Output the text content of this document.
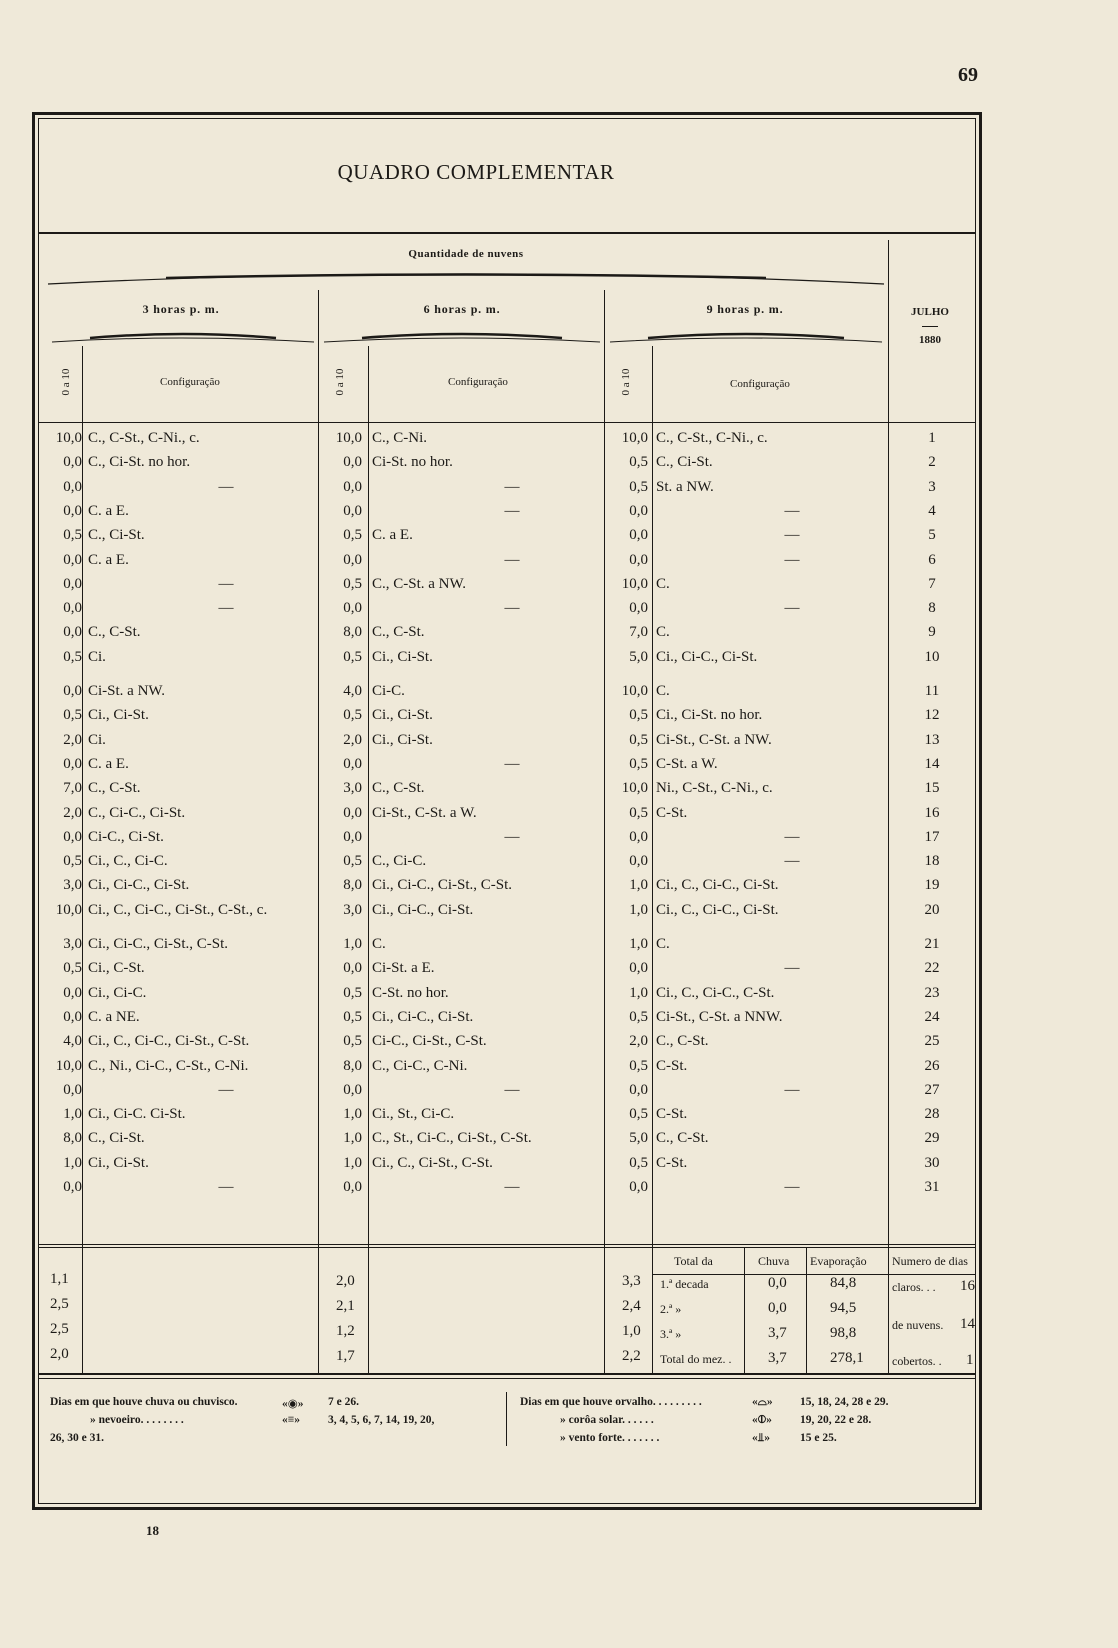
69
QUADRO COMPLEMENTAR
Quantidade de nuvens
3 horas p. m.	6 horas p. m.	9 horas p. m.	JULHO
1880
0 a 10	Configuração	0 a 10	Configuração	0 a 10	Configuração
10,0 C., C-St., C-Ni., c.	10,0 C., C-Ni.	10,0 C., C-St., C-Ni., c.	1
0,0 C., Ci-St. no hor.	0,0 Ci-St. no hor.	0,5 C., Ci-St.	2
0,0	—	0,0	—	0,5 St. a NW.	3
0,0 C. a E.	0,0	—	0,0	—	4
0,5 C., Ci-St.	0,5 C. a E.	0,0	—	5
0,0 C. a E.	0,0	—	0,0	—	6
0,0	—	0,5 C., C-St. a NW.	10,0 C.	7
0,0	—	0,0	—	0,0	—	8
0,0 C., C-St.	8,0 C., C-St.	7,0 C.	9
0,5 Ci.	0,5 Ci., Ci-St.	5,0 Ci., Ci-C., Ci-St.	10
0,0 Ci-St. a NW.	4,0 Ci-C.	10,0 C.	11
0,5 Ci., Ci-St.	0,5 Ci., Ci-St.	0,5 Ci., Ci-St. no hor.	12
2,0 Ci.	2,0 Ci., Ci-St.	0,5 Ci-St., C-St. a NW.	13
0,0 C. a E.	0,0	—	0,5 C-St. a W.	14
7,0 C., C-St.	3,0 C., C-St.	10,0 Ni., C-St., C-Ni., c.	15
2,0 C., Ci-C., Ci-St.	0,0 Ci-St., C-St. a W.	0,5 C-St.	16
0,0 Ci-C., Ci-St.	0,0	—	0,0	—	17
0,5 Ci., C., Ci-C.	0,5 C., Ci-C.	0,0	—	18
3,0 Ci., Ci-C., Ci-St.	8,0 Ci., Ci-C., Ci-St., C-St.	1,0 Ci., C., Ci-C., Ci-St.	19
10,0 Ci., C., Ci-C., Ci-St., C-St., c.	3,0 Ci., Ci-C., Ci-St.	1,0 Ci., C., Ci-C., Ci-St.	20
3,0 Ci., Ci-C., Ci-St., C-St.	1,0 C.	1,0 C.	21
0,5 Ci., C-St.	0,0 Ci-St. a E.	0,0	—	22
0,0 Ci., Ci-C.	0,5 C-St. no hor.	1,0 Ci., C., Ci-C., C-St.	23
0,0 C. a NE.	0,5 Ci., Ci-C., Ci-St.	0,5 Ci-St., C-St. a NNW.	24
4,0 Ci., C., Ci-C., Ci-St., C-St.	0,5 Ci-C., Ci-St., C-St.	2,0 C., C-St.	25
10,0 C., Ni., Ci-C., C-St., C-Ni.	8,0 C., Ci-C., C-Ni.	0,5 C-St.	26
0,0	—	0,0	—	0,0	—	27
1,0 Ci., Ci-C. Ci-St.	1,0 Ci., St., Ci-C.	0,5 C-St.	28
8,0 C., Ci-St.	1,0 C., St., Ci-C., Ci-St., C-St.	5,0 C., C-St.	29
1,0 Ci., Ci-St.	1,0 Ci., C., Ci-St., C-St.	0,5 C-St.	30
0,0	—	0,0	—	0,0	—	31
Total da	Chuva Evaporação Numero de dias
1,1	2,0	3,3 1.ª decada	0,0	84,8
2,5	2,1	2,4 2.ª »	0,0	94,5
2,5	1,2	1,0 3.ª »	3,7	98,8
2,0	1,7	2,2 Total do mez. . 3,7	278,1
claros. . . 16
de nuvens. 14
cobertos. . 1
Dias em que houve chuva ou chuvisco.	«◉» 7 e 26.
» nevoeiro. . . . . . . .	«≡» 3, 4, 5, 6, 7, 14, 19, 20,
26, 30 e 31.
Dias em que houve orvalho. . . . . . . . .	«⌓» 15, 18, 24, 28 e 29.
» corôa solar. . . . . .	«⦶» 19, 20, 22 e 28.
» vento forte. . . . . . .	«⫫»	15 e 25.
18
